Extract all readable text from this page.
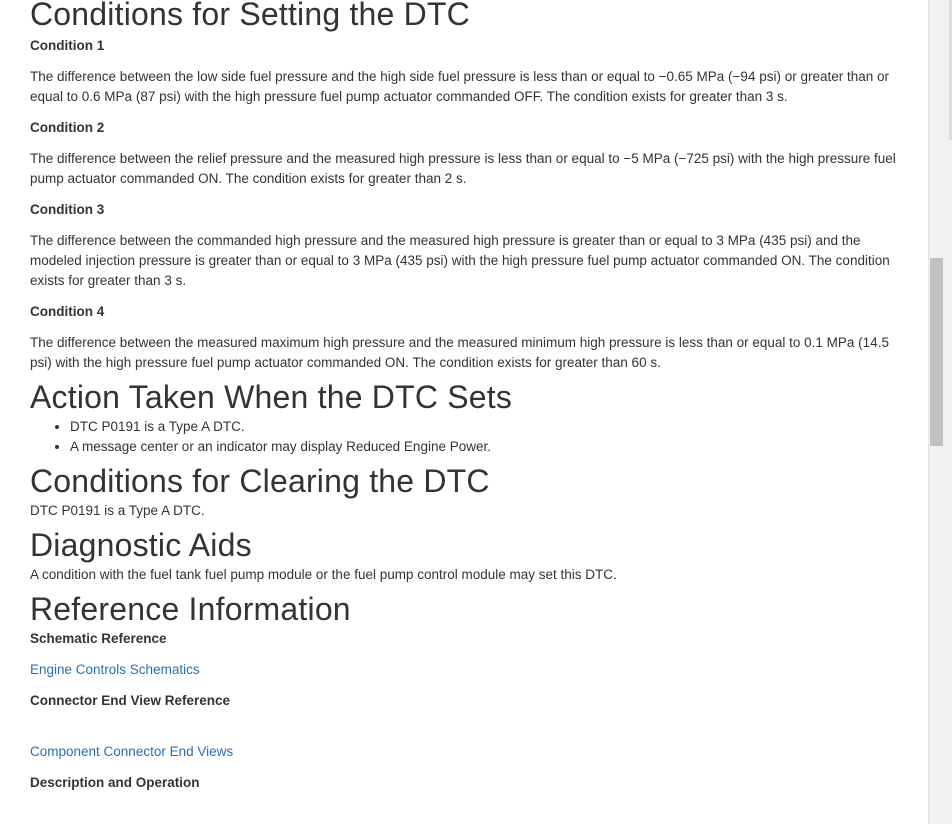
Conditions for Setting the DTC
Condition 1

The difference between the low side fuel pressure and the high side fuel pressure is less than or equal to −0.65 MPa (−94 psi) or greater than or equal to 0.6 MPa (87 psi) with the high pressure fuel pump actuator commanded OFF. The condition exists for greater than 3 s.

Condition 2

The difference between the relief pressure and the measured high pressure is less than or equal to −5 MPa (−725 psi) with the high pressure fuel pump actuator commanded ON. The condition exists for greater than 2 s.

Condition 3

The difference between the commanded high pressure and the measured high pressure is greater than or equal to 3 MPa (435 psi) and the modeled injection pressure is greater than or equal to 3 MPa (435 psi) with the high pressure fuel pump actuator commanded ON. The condition exists for greater than 3 s.

Condition 4

The difference between the measured maximum high pressure and the measured minimum high pressure is less than or equal to 0.1 MPa (14.5 psi) with the high pressure fuel pump actuator commanded ON. The condition exists for greater than 60 s.

Action Taken When the DTC Sets
• DTC P0191 is a Type A DTC.
• A message center or an indicator may display Reduced Engine Power.
Conditions for Clearing the DTC

DTC P0191 is a Type A DTC.

Diagnostic Aids

A condition with the fuel tank fuel pump module or the fuel pump control module may set this DTC.

Reference Information
Schematic Reference
Engine Controls Schematics
Connector End View Reference
Component Connector End Views
Description and Operation
